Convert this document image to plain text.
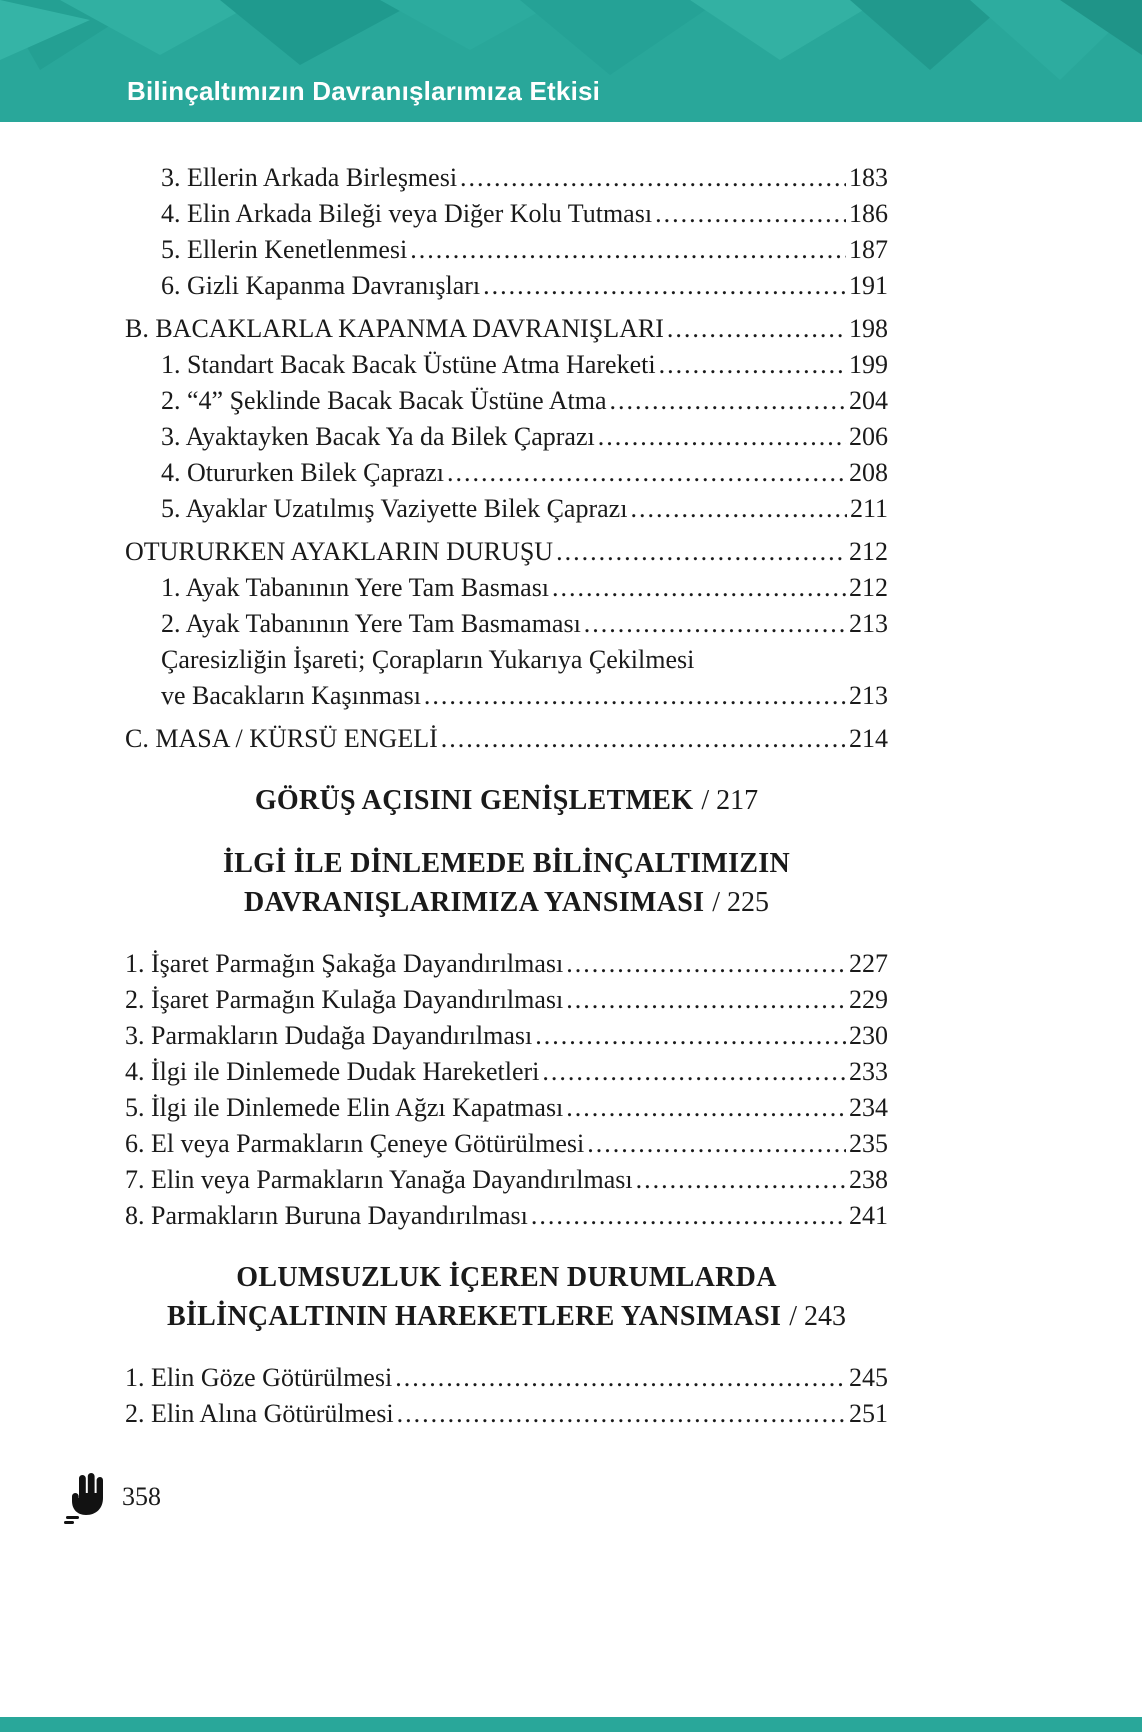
Bilinçaltımızın Davranışlarımıza Etkisi
3. Ellerin Arkada Birleşmesi .....	183
4. Elin Arkada Bileği veya Diğer Kolu Tutması .....	186
5. Ellerin Kenetlenmesi .....	187
6. Gizli Kapanma Davranışları .....	191
B. BACAKLARLA KAPANMA DAVRANIŞLARI .....	198
1. Standart Bacak Bacak Üstüne Atma Hareketi .....	199
2. “4” Şeklinde Bacak Bacak Üstüne Atma .....	204
3. Ayaktayken Bacak Ya da Bilek Çaprazı .....	206
4. Otururken Bilek Çaprazı .....	208
5. Ayaklar Uzatılmış Vaziyette Bilek Çaprazı .....	211
OTURURKEN AYAKLARIN DURUŞU .....	212
1. Ayak Tabanının Yere Tam Basması .....	212
2. Ayak Tabanının Yere Tam Basmaması .....	213
Çaresizliğin İşareti; Çorapların Yukarıya Çekilmesi
ve Bacakların Kaşınması .....	213
C. MASA / KÜRSÜ ENGELİ .....	214
GÖRÜŞ AÇISINI GENİŞLETMEK / 217
İLGİ İLE DİNLEMEDE BİLİNÇALTIMIZIN
DAVRANIŞLARIMIZA YANSIMASI / 225
1. İşaret Parmağın Şakağa Dayandırılması .....	227
2. İşaret Parmağın Kulağa Dayandırılması .....	229
3. Parmakların Dudağa Dayandırılması .....	230
4. İlgi ile Dinlemede Dudak Hareketleri .....	233
5. İlgi ile Dinlemede Elin Ağzı Kapatması .....	234
6. El veya Parmakların Çeneye Götürülmesi .....	235
7. Elin veya Parmakların Yanağa Dayandırılması .....	238
8. Parmakların Buruna Dayandırılması .....	241
OLUMSUZLUK İÇEREN DURUMLARDA
BİLİNÇALTININ HAREKETLERE YANSIMASI / 243
1. Elin Göze Götürülmesi .....	245
2. Elin Alına Götürülmesi .....	251
358
